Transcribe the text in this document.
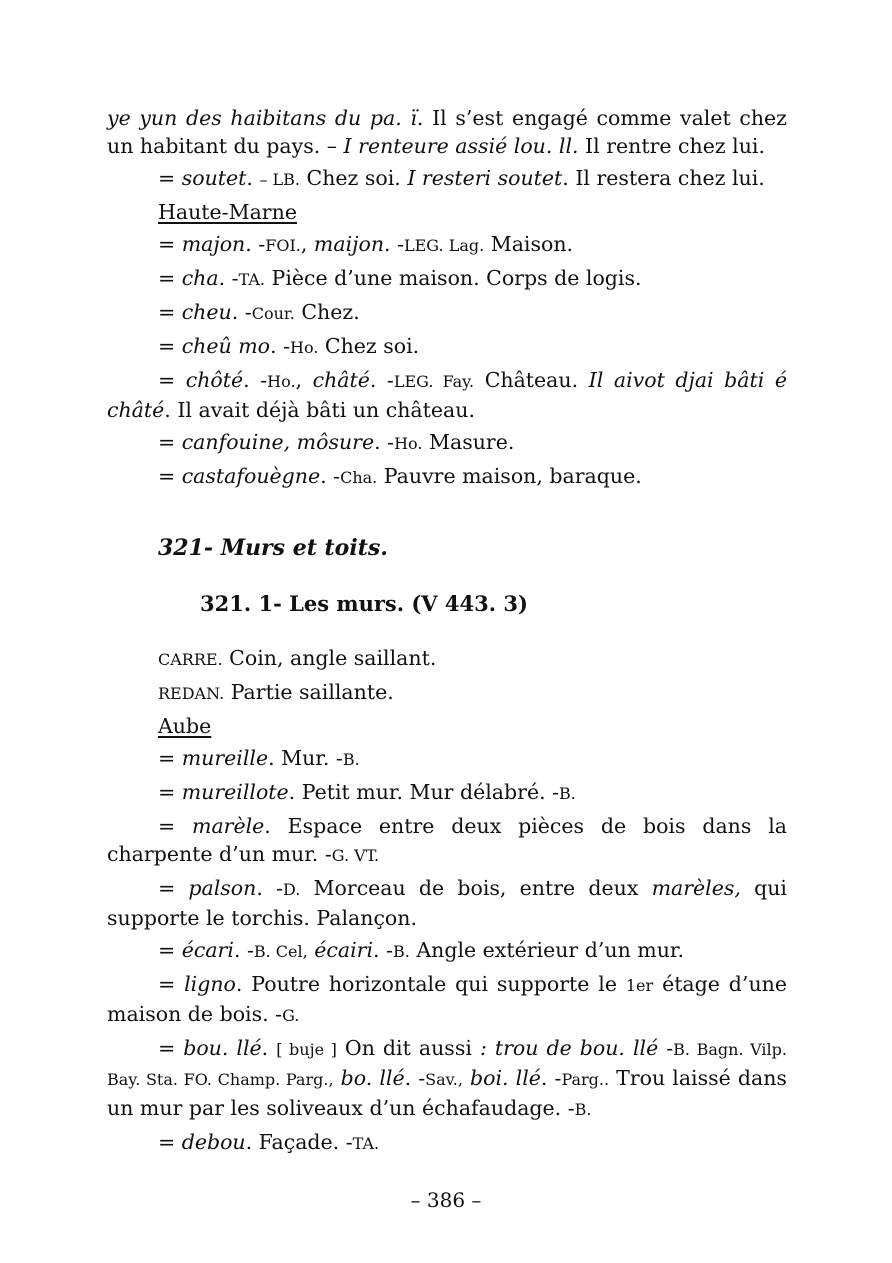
ye yun des haibitans du pa. ï. Il s’est engagé comme valet chez un habitant du pays. – I renteure assié lou. ll. Il rentre chez lui.

= soutet. – LB. Chez soi. I resteri soutet. Il restera chez lui.

Haute-Marne

= majon. -FOI., maijon. -LEG. Lag. Maison.

= cha. -TA. Pièce d’une maison. Corps de logis.

= cheu. -Cour. Chez.

= cheû mo. -Ho. Chez soi.

= chôté. -Ho., châté. -LEG. Fay. Château. Il aivot djai bâti é châté. Il avait déjà bâti un château.

= canfouine, môsure. -Ho. Masure.

= castafouègne. -Cha. Pauvre maison, baraque.

321- Murs et toits.
321. 1- Les murs. (V 443. 3)

CARRE. Coin, angle saillant.

REDAN. Partie saillante.

Aube

= mureille. Mur. -B.

= mureillote. Petit mur. Mur délabré. -B.

= marèle. Espace entre deux pièces de bois dans la charpente d’un mur. -G. VT.

= palson. -D. Morceau de bois, entre deux marèles, qui supporte le torchis. Palançon.

= écari. -B. Cel, écairi. -B. Angle extérieur d’un mur.

= ligno. Poutre horizontale qui supporte le 1er étage d’une maison de bois. -G.

= bou. llé. [ buje ] On dit aussi : trou de bou. llé -B. Bagn. Vilp. Bay. Sta. FO. Champ. Parg., bo. llé. -Sav., boi. llé. -Parg.. Trou laissé dans un mur par les soliveaux d’un échafaudage. -B.

= debou. Façade. -TA.

– 386 –
